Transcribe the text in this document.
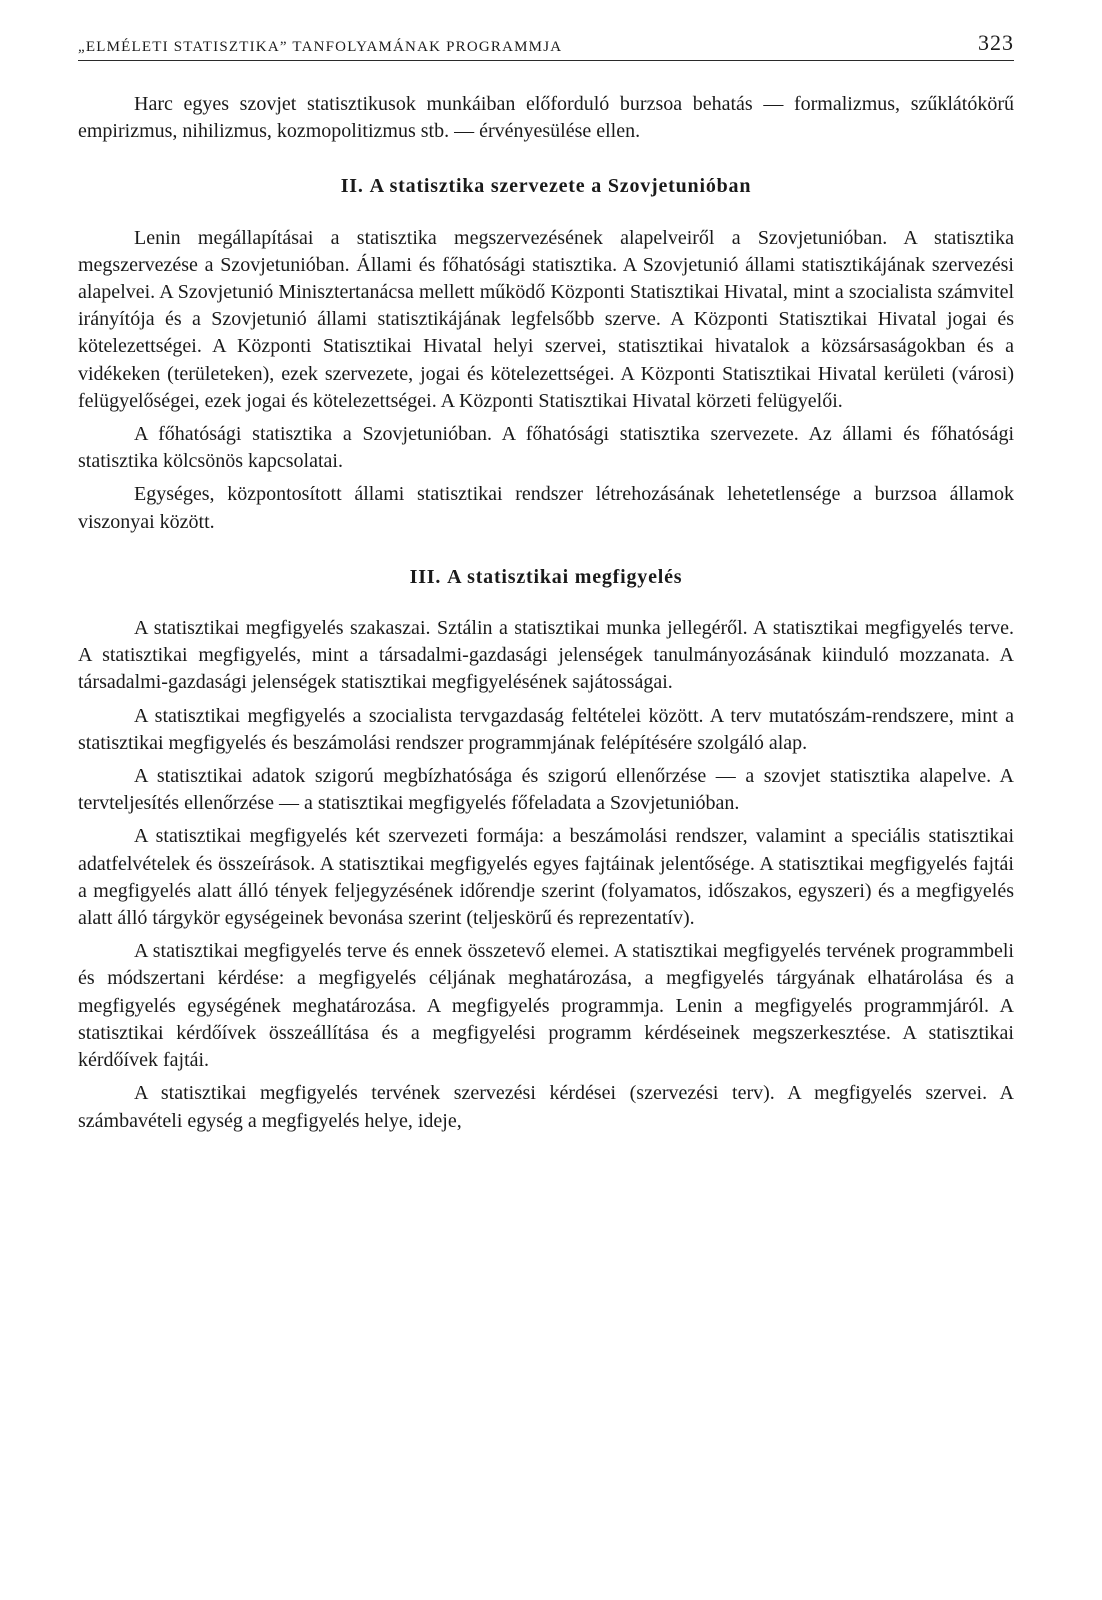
„ELMÉLETI STATISZTIKA” TANFOLYAMÁNAK PROGRAMMJA	323

Harc egyes szovjet statisztikusok munkáiban előforduló burzsoa behatás — formalizmus, szűklátókörű empirizmus, nihilizmus, kozmopolitizmus stb. — érvényesülése ellen.

II. A statisztika szervezete a Szovjetunióban

Lenin megállapításai a statisztika megszervezésének alapelveiről a Szovjetunióban. A statisztika megszervezése a Szovjetunióban. Állami és főhatósági statisztika. A Szovjetunió állami statisztikájának szervezési alapelvei. A Szovjetunió Minisztertanácsa mellett működő Központi Statisztikai Hivatal, mint a szocialista számvitel irányítója és a Szovjetunió állami statisztikájának legfelsőbb szerve. A Központi Statisztikai Hivatal jogai és kötelezettségei. A Központi Statisztikai Hivatal helyi szervei, statisztikai hivatalok a közsársaságokban és a vidékeken (területeken), ezek szervezete, jogai és kötelezettségei. A Központi Statisztikai Hivatal kerületi (városi) felügyelőségei, ezek jogai és kötelezettségei. A Központi Statisztikai Hivatal körzeti felügyelői.

A főhatósági statisztika a Szovjetunióban. A főhatósági statisztika szervezete. Az állami és főhatósági statisztika kölcsönös kapcsolatai.

Egységes, központosított állami statisztikai rendszer létrehozásának lehetetlensége a burzsoa államok viszonyai között.

III. A statisztikai megfigyelés

A statisztikai megfigyelés szakaszai. Sztálin a statisztikai munka jellegéről. A statisztikai megfigyelés terve. A statisztikai megfigyelés, mint a társadalmi-gazdasági jelenségek tanulmányozásának kiinduló mozzanata. A társadalmi-gazdasági jelenségek statisztikai megfigyelésének sajátosságai.

A statisztikai megfigyelés a szocialista tervgazdaság feltételei között. A terv mutatószám-rendszere, mint a statisztikai megfigyelés és beszámolási rendszer programmjának felépítésére szolgáló alap.

A statisztikai adatok szigorú megbízhatósága és szigorú ellenőrzése — a szovjet statisztika alapelve. A tervteljesítés ellenőrzése — a statisztikai megfigyelés főfeladata a Szovjetunióban.

A statisztikai megfigyelés két szervezeti formája: a beszámolási rendszer, valamint a speciális statisztikai adatfelvételek és összeírások. A statisztikai megfigyelés egyes fajtáinak jelentősége. A statisztikai megfigyelés fajtái a megfigyelés alatt álló tények feljegyzésének időrendje szerint (folyamatos, időszakos, egyszeri) és a megfigyelés alatt álló tárgykör egységeinek bevonása szerint (teljeskörű és reprezentatív).

A statisztikai megfigyelés terve és ennek összetevő elemei. A statisztikai megfigyelés tervének programmbeli és módszertani kérdése: a megfigyelés céljának meghatározása, a megfigyelés tárgyának elhatárolása és a megfigyelés egységének meghatározása. A megfigyelés programmja. Lenin a megfigyelés programmjáról. A statisztikai kérdőívek összeállítása és a megfigyelési programm kérdéseinek megszerkesztése. A statisztikai kérdőívek fajtái.

A statisztikai megfigyelés tervének szervezési kérdései (szervezési terv). A megfigyelés szervei. A számbavételi egység a megfigyelés helye, ideje,
